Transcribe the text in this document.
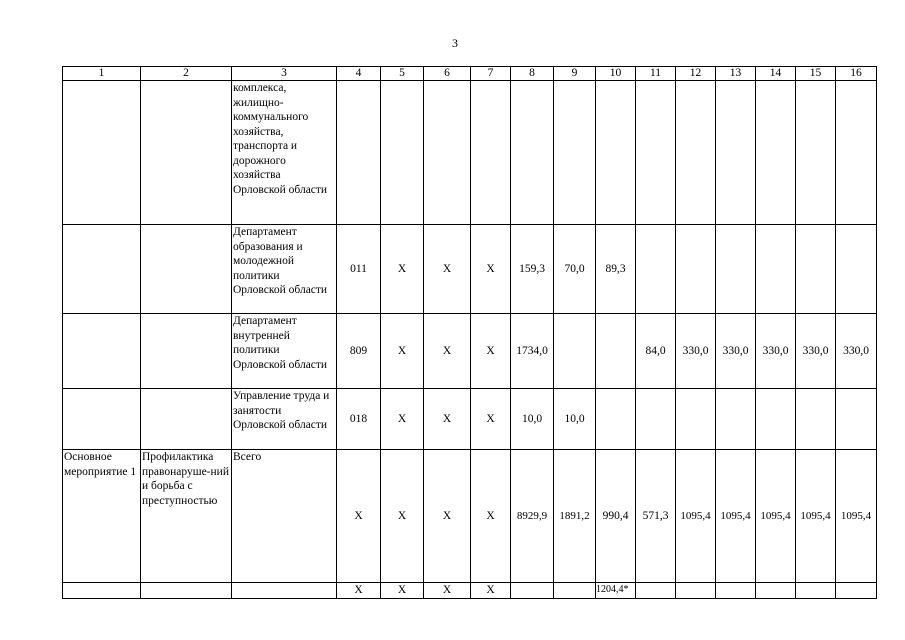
3
1	2	3	4	5	6	7	8	9	10	11	12	13	14	15	16
		комплекса, жилищно-коммунального хозяйства, транспорта и дорожного хозяйства Орловской области													
		Департамент образования и молодежной политики Орловской области	011	Х	Х	Х	159,3	70,0	89,3						
		Департамент внутренней политики Орловской области	809	Х	Х	Х	1734,0			84,0	330,0	330,0	330,0	330,0	330,0
		Управление труда и занятости Орловской области	018	Х	Х	Х	10,0	10,0							
Основное мероприятие 1	Профилактика правонаруше-ний и борьба с преступностью	Всего	Х	Х	Х	Х	8929,9	1891,2	990,4	571,3	1095,4	1095,4	1095,4	1095,4	1095,4
			Х	Х	Х	Х			1204,4*						
